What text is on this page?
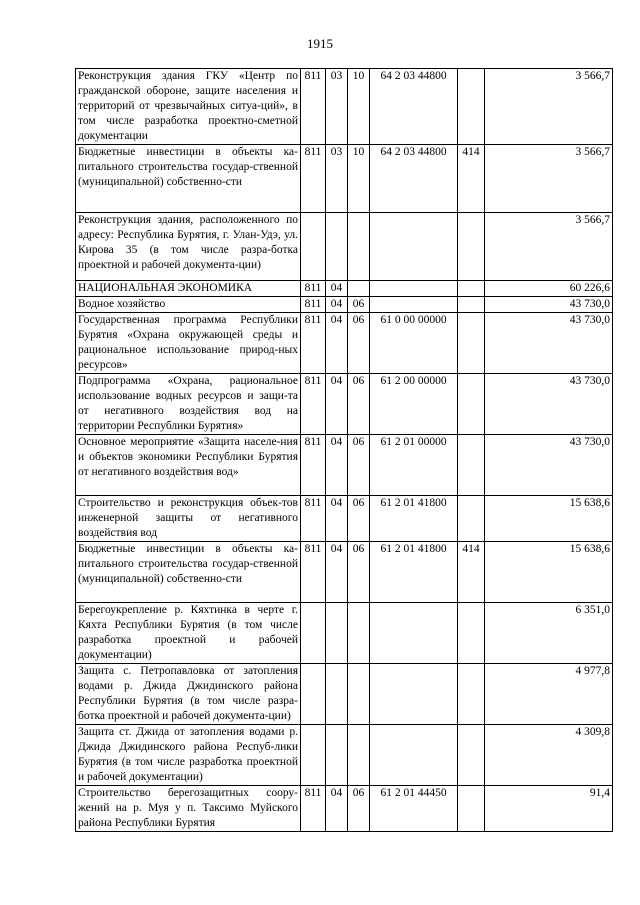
1915
Реконструкция здания ГКУ «Центр по гражданской обороне, защите населения и территорий от чрезвычайных ситуа-ций», в том числе разработка проектно-сметной документации	811	03	10	64 2 03 44800		3 566,7
Бюджетные инвестиции в объекты ка-питального строительства государ-ственной (муниципальной) собственно-сти	811	03	10	64 2 03 44800	414	3 566,7
Реконструкция здания, расположенного по адресу: Республика Бурятия, г. Улан-Удэ, ул. Кирова 35 (в том числе разра-ботка проектной и рабочей документа-ции)						3 566,7
НАЦИОНАЛЬНАЯ ЭКОНОМИКА	811	04				60 226,6
Водное хозяйство	811	04	06			43 730,0
Государственная программа Республики Бурятия «Охрана окружающей среды и рациональное использование природ-ных ресурсов»	811	04	06	61 0 00 00000		43 730,0
Подпрограмма «Охрана, рациональное использование водных ресурсов и защи-та от негативного воздействия вод на территории Республики Бурятия»	811	04	06	61 2 00 00000		43 730,0
Основное мероприятие «Защита населе-ния и объектов экономики Республики Бурятия от негативного воздействия вод»	811	04	06	61 2 01 00000		43 730,0
Строительство и реконструкция объек-тов инженерной защиты от негативного воздействия вод	811	04	06	61 2 01 41800		15 638,6
Бюджетные инвестиции в объекты ка-питального строительства государ-ственной (муниципальной) собственно-сти	811	04	06	61 2 01 41800	414	15 638,6
Берегоукрепление р. Кяхтинка в черте г. Кяхта Республики Бурятия (в том числе разработка проектной и рабочей документации)						6 351,0
Защита с. Петропавловка от затопления водами р. Джида Джидинского района Республики Бурятия (в том числе разра-ботка проектной и рабочей документа-ции)						4 977,8
Защита ст. Джида от затопления водами р. Джида Джидинского района Респуб-лики Бурятия (в том числе разработка проектной и рабочей документации)						4 309,8
Строительство берегозащитных соору-жений на р. Муя у п. Таксимо Муйского района Республики Бурятия	811	04	06	61 2 01 44450		91,4
